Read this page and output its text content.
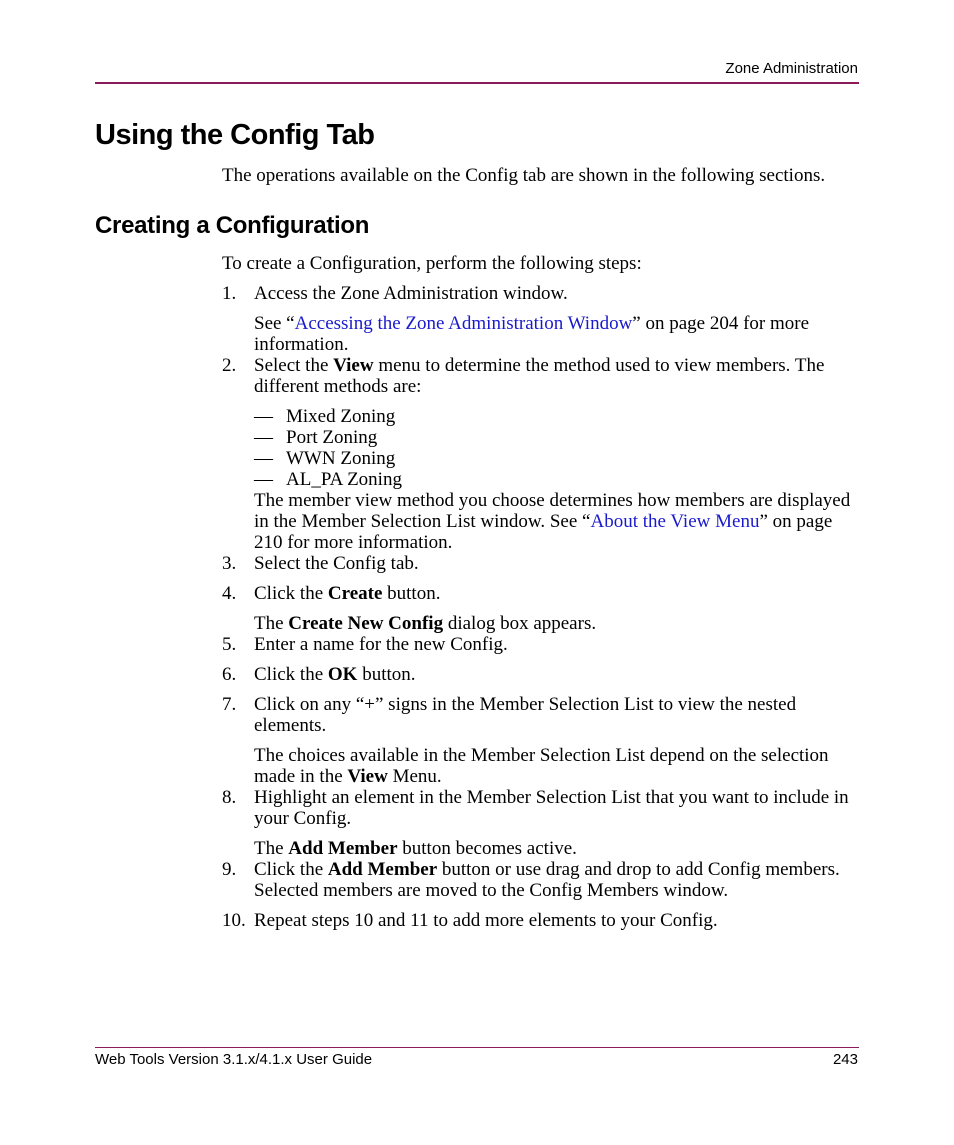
Zone Administration
Using the Config Tab

The operations available on the Config tab are shown in the following sections.

Creating a Configuration

To create a Configuration, perform the following steps:

1. Access the Zone Administration window.

See “Accessing the Zone Administration Window” on page 204 for more information.

2. Select the View menu to determine the method used to view members. The different methods are:

— Mixed Zoning

— Port Zoning

— WWN Zoning

— AL_PA Zoning

The member view method you choose determines how members are displayed in the Member Selection List window. See “About the View Menu” on page 210 for more information.

3. Select the Config tab.
4. Click the Create button.

The Create New Config dialog box appears.

5. Enter a name for the new Config.
6. Click the OK button.
7. Click on any “+” signs in the Member Selection List to view the nested elements.

The choices available in the Member Selection List depend on the selection made in the View Menu.

8. Highlight an element in the Member Selection List that you want to include in your Config.

The Add Member button becomes active.

9. Click the Add Member button or use drag and drop to add Config members. Selected members are moved to the Config Members window.
10. Repeat steps 10 and 11 to add more elements to your Config.
Web Tools Version 3.1.x/4.1.x User Guide	243
